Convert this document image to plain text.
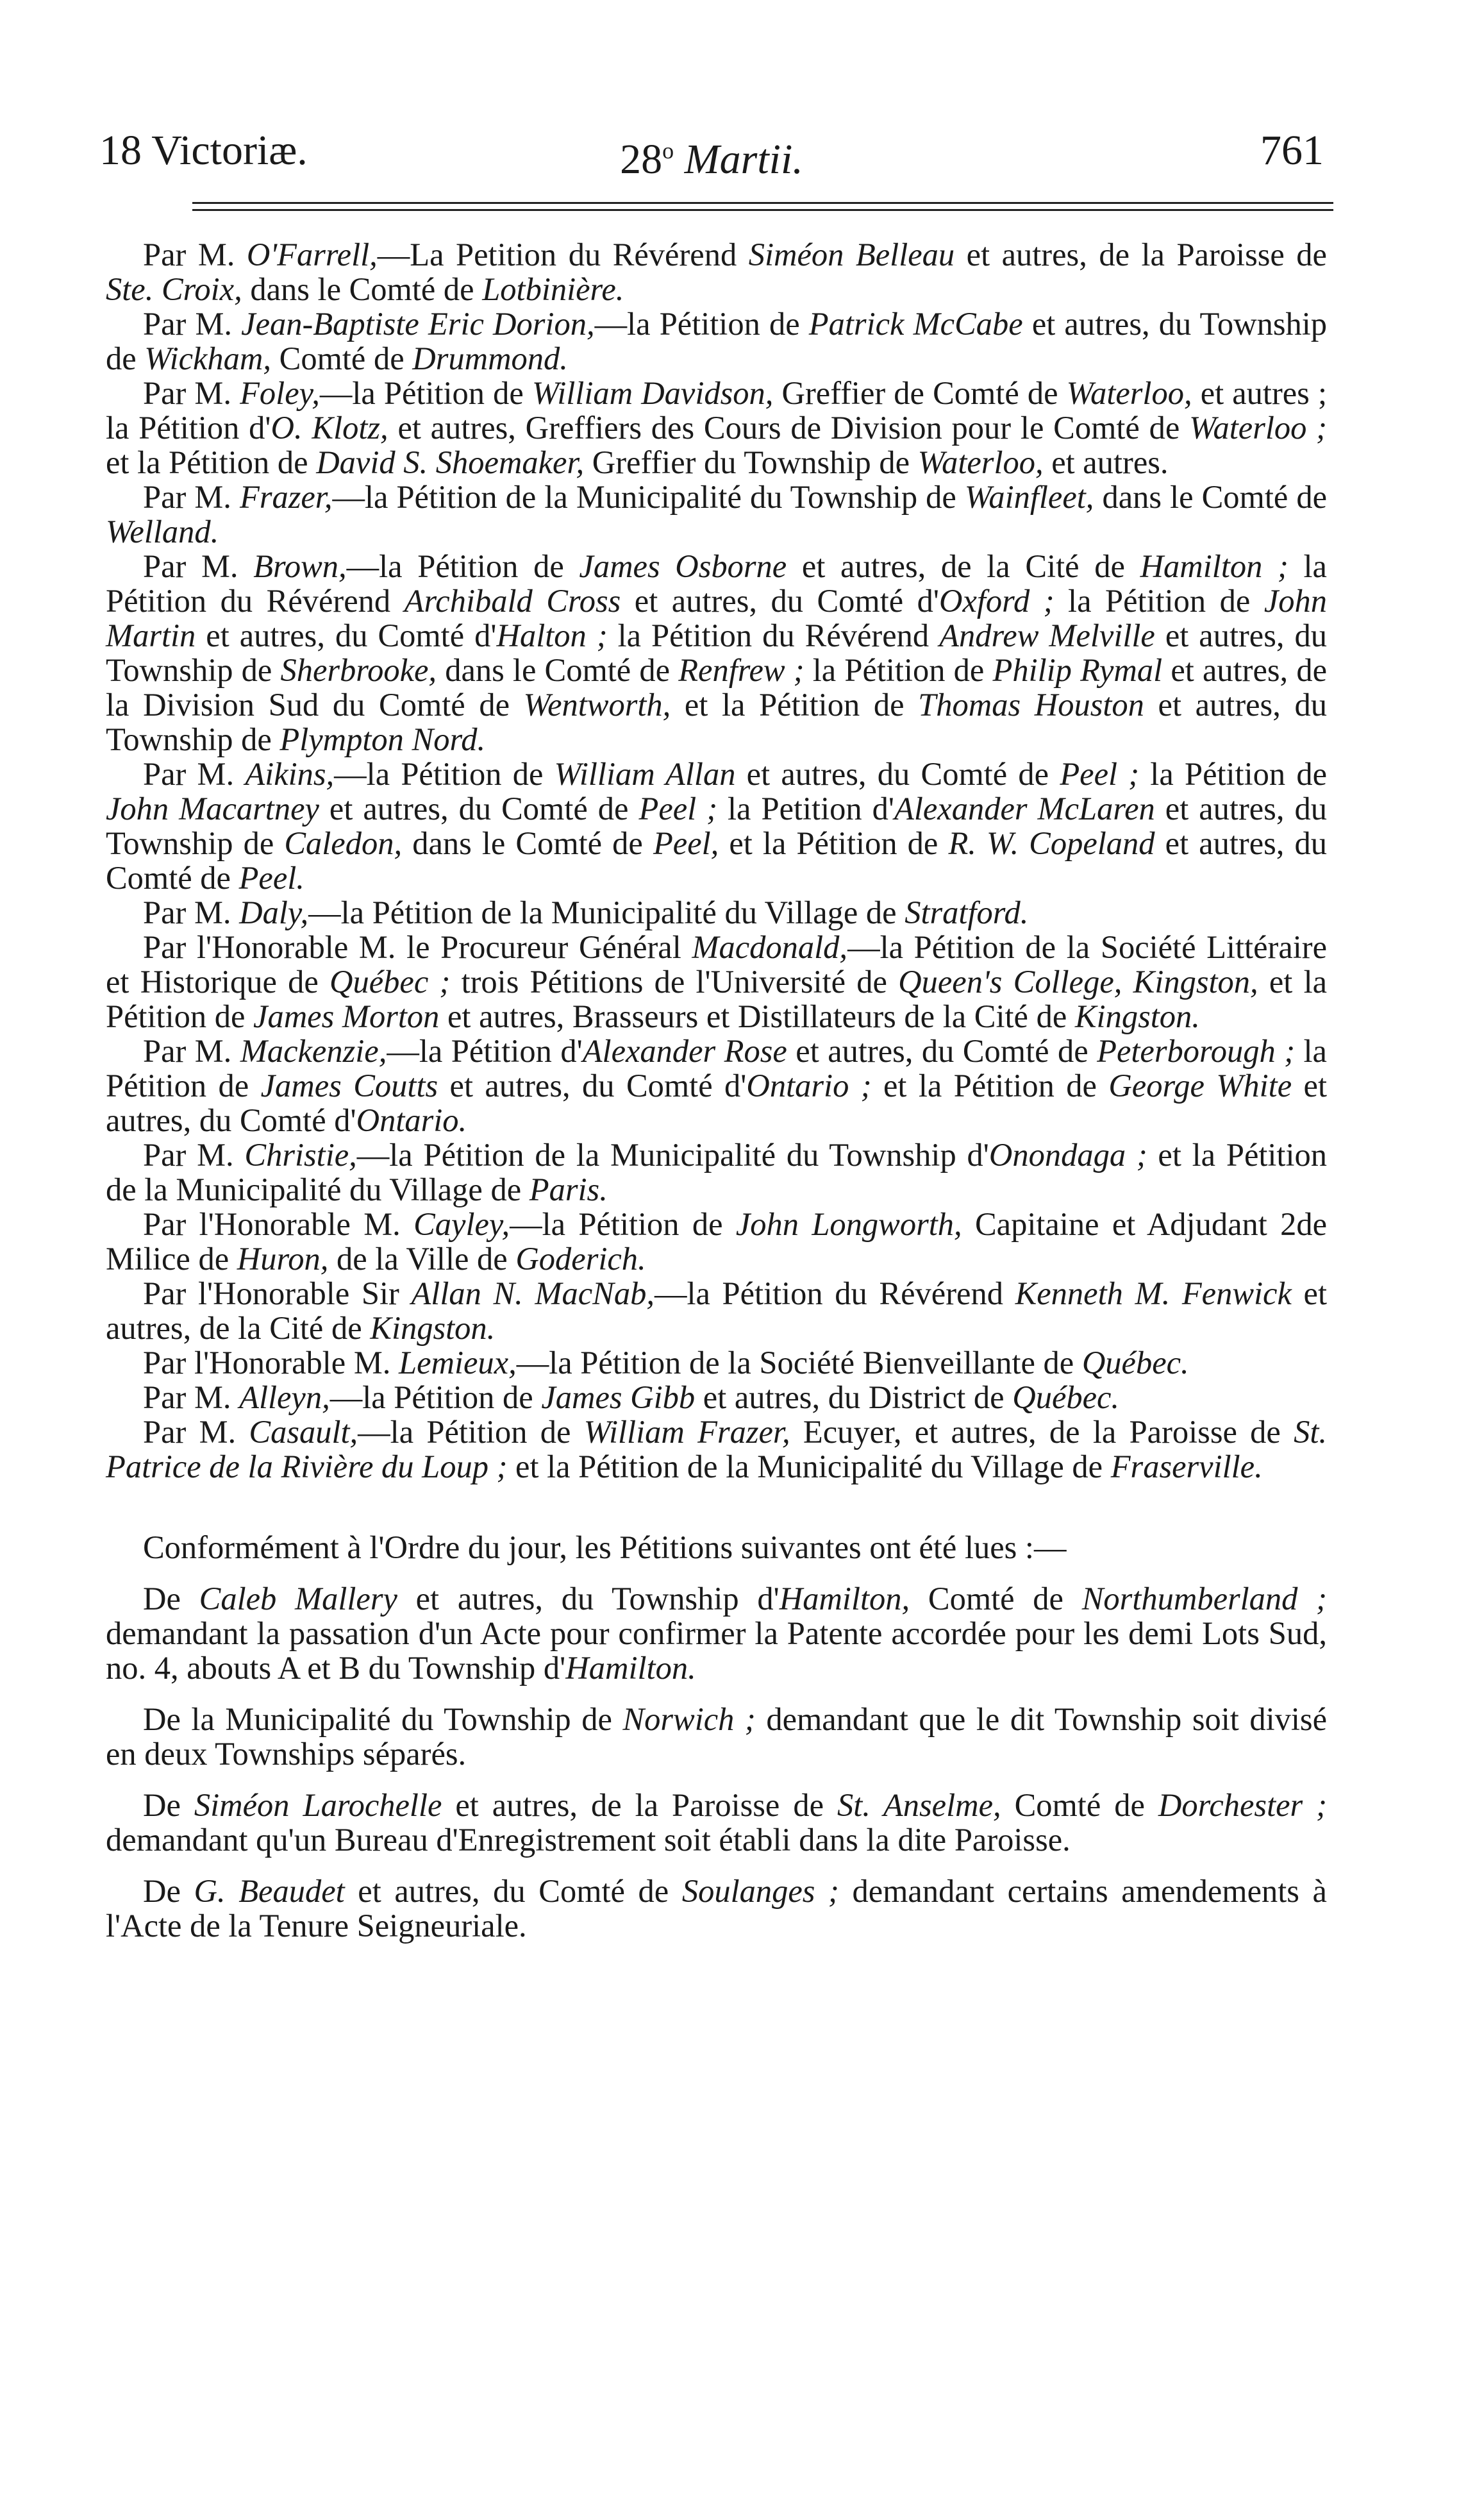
18 Victoriæ.	28$^o$ Martii.	761

Par M. O'Farrell,—La Petition du Révérend Siméon Belleau et autres, de la Paroisse de Ste. Croix, dans le Comté de Lotbinière.

Par M. Jean-Baptiste Eric Dorion,—la Pétition de Patrick McCabe et autres, du Township de Wickham, Comté de Drummond.

Par M. Foley,—la Pétition de William Davidson, Greffier de Comté de Waterloo, et autres ; la Pétition d'O. Klotz, et autres, Greffiers des Cours de Division pour le Comté de Waterloo ; et la Pétition de David S. Shoemaker, Greffier du Township de Waterloo, et autres.

Par M. Frazer,—la Pétition de la Municipalité du Township de Wainfleet, dans le Comté de Welland.

Par M. Brown,—la Pétition de James Osborne et autres, de la Cité de Hamilton ; la Pétition du Révérend Archibald Cross et autres, du Comté d'Oxford ; la Pétition de John Martin et autres, du Comté d'Halton ; la Pétition du Révérend Andrew Melville et autres, du Township de Sherbrooke, dans le Comté de Renfrew ; la Pétition de Philip Rymal et autres, de la Division Sud du Comté de Wentworth, et la Pétition de Thomas Houston et autres, du Township de Plympton Nord.

Par M. Aikins,—la Pétition de William Allan et autres, du Comté de Peel ; la Pétition de John Macartney et autres, du Comté de Peel ; la Petition d'Alexander McLaren et autres, du Township de Caledon, dans le Comté de Peel, et la Pétition de R. W. Copeland et autres, du Comté de Peel.

Par M. Daly,—la Pétition de la Municipalité du Village de Stratford.

Par l'Honorable M. le Procureur Général Macdonald,—la Pétition de la Société Littéraire et Historique de Québec ; trois Pétitions de l'Université de Queen's College, Kingston, et la Pétition de James Morton et autres, Brasseurs et Distillateurs de la Cité de Kingston.

Par M. Mackenzie,—la Pétition d'Alexander Rose et autres, du Comté de Peterborough ; la Pétition de James Coutts et autres, du Comté d'Ontario ; et la Pétition de George White et autres, du Comté d'Ontario.

Par M. Christie,—la Pétition de la Municipalité du Township d'Onondaga ; et la Pétition de la Municipalité du Village de Paris.

Par l'Honorable M. Cayley,—la Pétition de John Longworth, Capitaine et Adjudant 2de Milice de Huron, de la Ville de Goderich.

Par l'Honorable Sir Allan N. MacNab,—la Pétition du Révérend Kenneth M. Fenwick et autres, de la Cité de Kingston.

Par l'Honorable M. Lemieux,—la Pétition de la Société Bienveillante de Québec.

Par M. Alleyn,—la Pétition de James Gibb et autres, du District de Québec.

Par M. Casault,—la Pétition de William Frazer, Ecuyer, et autres, de la Paroisse de St. Patrice de la Rivière du Loup ; et la Pétition de la Municipalité du Village de Fraserville.

Conformément à l'Ordre du jour, les Pétitions suivantes ont été lues :—

De Caleb Mallery et autres, du Township d'Hamilton, Comté de Northumberland ; demandant la passation d'un Acte pour confirmer la Patente accordée pour les demi Lots Sud, no. 4, abouts A et B du Township d'Hamilton.

De la Municipalité du Township de Norwich ; demandant que le dit Township soit divisé en deux Townships séparés.

De Siméon Larochelle et autres, de la Paroisse de St. Anselme, Comté de Dorchester ; demandant qu'un Bureau d'Enregistrement soit établi dans la dite Paroisse.

De G. Beaudet et autres, du Comté de Soulanges ; demandant certains amendements à l'Acte de la Tenure Seigneuriale.
